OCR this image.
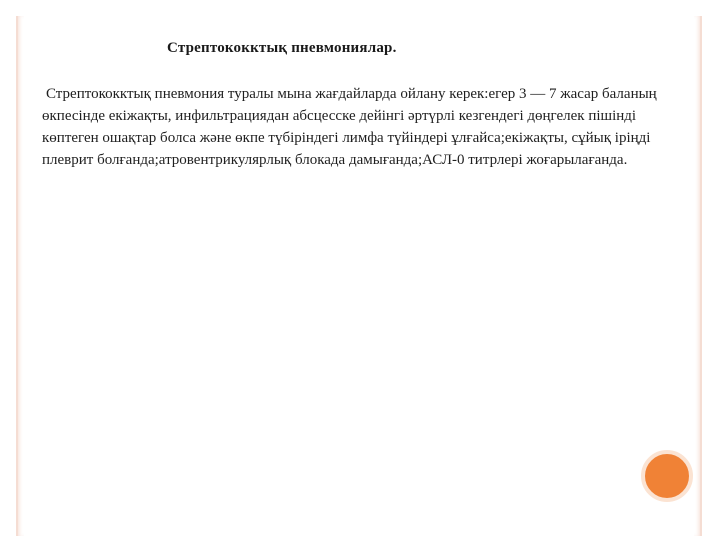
Стрептококктық пневмониялар.

Стрептококктық пневмония туралы мына жағдайларда ойлану керек:егер 3 — 7 жасар баланың өкпесінде екіжақты, инфильтрациядан абсцесске дейінгі әртүрлі кезгендегі дөңгелек пішінді көптеген ошақтар болса және өкпе түбіріндегі лимфа түйіндері ұлғайса;екіжақты, сұйық іріңді плеврит болғанда;атровентрикулярлық блокада дамығанда;АСЛ-0 титрлері жоғарылағанда.
